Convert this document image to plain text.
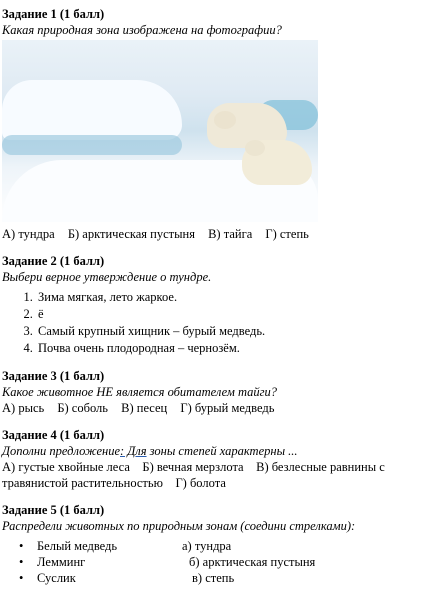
Задание 1 (1 балл)
Какая природная зона изображена на фотографии?
А) тундра Б) арктическая пустыня В) тайга Г) степь
Задание 2 (1 балл)
Выбери верное утверждение о тундре.
1. Зима мягкая, лето жаркое.
2. ё
3. Самый крупный хищник – бурый медведь.
4. Почва очень плодородная – чернозём.
Задание 3 (1 балл)
Какое животное НЕ является обитателем тайги?
А) рысь Б) соболь В) песец Г) бурый медведь
Задание 4 (1 балл)
Дополни предложение: Для зоны степей характерны ...
А) густые хвойные леса    Б) вечная мерзлота    В) безлесные равнины с
травянистой растительностью    Г) болота
Задание 5 (1 балл)
Распредели животных по природным зонам (соедини стрелками):
• Белый медведь	а) тундра
• Лемминг	б) арктическая пустыня
• Суслик	в) степь
